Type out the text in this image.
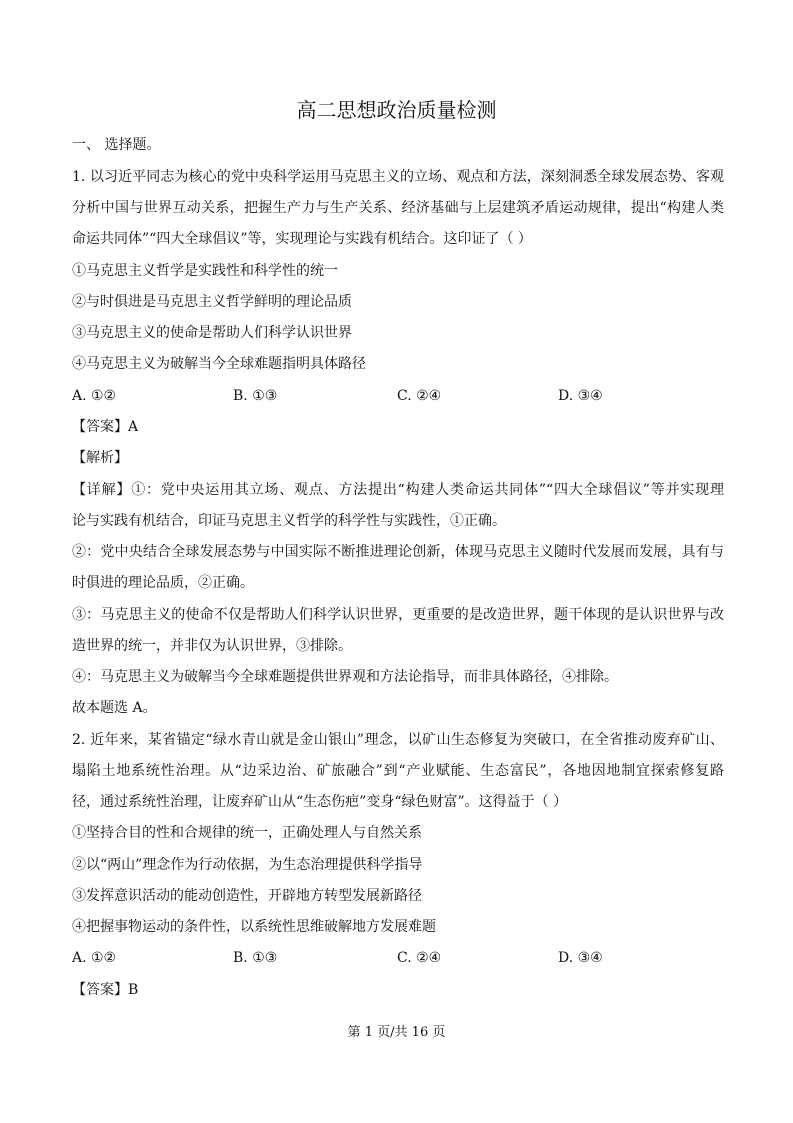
高二思想政治质量检测
一、 选择题。
1. 以习近平同志为核心的党中央科学运用马克思主义的立场、观点和方法，深刻洞悉全球发展态势、客观
分析中国与世界互动关系，把握生产力与生产关系、经济基础与上层建筑矛盾运动规律，提出“构建人类
命运共同体”“四大全球倡议”等，实现理论与实践有机结合。这印证了（ ）
①马克思主义哲学是实践性和科学性的统一
②与时俱进是马克思主义哲学鲜明的理论品质
③马克思主义的使命是帮助人们科学认识世界
④马克思主义为破解当今全球难题指明具体路径
A. ①②	B. ①③	C. ②④	D. ③④
【答案】A
【解析】
【详解】①：党中央运用其立场、观点、方法提出“构建人类命运共同体”“四大全球倡议”等并实现理
论与实践有机结合，印证马克思主义哲学的科学性与实践性，①正确。
②：党中央结合全球发展态势与中国实际不断推进理论创新，体现马克思主义随时代发展而发展，具有与
时俱进的理论品质，②正确。
③：马克思主义的使命不仅是帮助人们科学认识世界，更重要的是改造世界，题干体现的是认识世界与改
造世界的统一，并非仅为认识世界，③排除。
④：马克思主义为破解当今全球难题提供世界观和方法论指导，而非具体路径，④排除。
故本题选 A。
2. 近年来，某省锚定“绿水青山就是金山银山”理念，以矿山生态修复为突破口，在全省推动废弃矿山、
塌陷土地系统性治理。从“边采边治、矿旅融合”到“产业赋能、生态富民”，各地因地制宜探索修复路
径，通过系统性治理，让废弃矿山从“生态伤疤”变身“绿色财富”。这得益于（ ）
①坚持合目的性和合规律的统一，正确处理人与自然关系
②以“两山”理念作为行动依据，为生态治理提供科学指导
③发挥意识活动的能动创造性，开辟地方转型发展新路径
④把握事物运动的条件性，以系统性思维破解地方发展难题
A. ①②	B. ①③	C. ②④	D. ③④
【答案】B
第 1 页/共 16 页
